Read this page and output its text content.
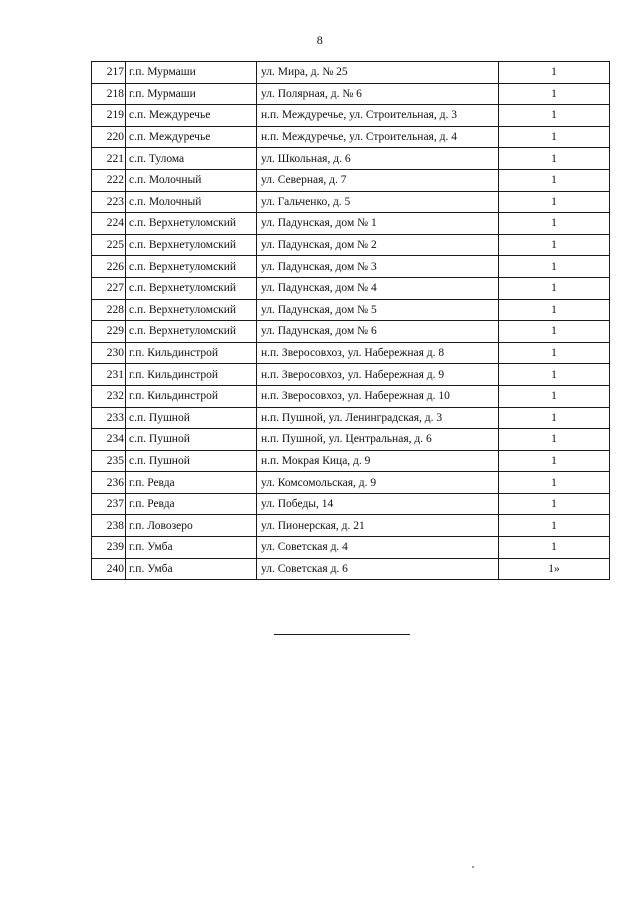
8
217	г.п. Мурмаши	ул. Мира, д. № 25	1
218	г.п. Мурмаши	ул. Полярная, д. № 6	1
219	с.п. Междуречье	н.п. Междуречье, ул. Строительная, д. 3	1
220	с.п. Междуречье	н.п. Междуречье, ул. Строительная, д. 4	1
221	с.п. Тулома	ул. Школьная, д. 6	1
222	с.п. Молочный	ул. Северная, д. 7	1
223	с.п. Молочный	ул. Гальченко, д. 5	1
224	с.п. Верхнетуломский	ул. Падунская, дом № 1	1
225	с.п. Верхнетуломский	ул. Падунская, дом № 2	1
226	с.п. Верхнетуломский	ул. Падунская, дом № 3	1
227	с.п. Верхнетуломский	ул. Падунская, дом № 4	1
228	с.п. Верхнетуломский	ул. Падунская, дом № 5	1
229	с.п. Верхнетуломский	ул. Падунская, дом № 6	1
230	г.п. Кильдинстрой	н.п. Зверосовхоз, ул. Набережная д. 8	1
231	г.п. Кильдинстрой	н.п. Зверосовхоз, ул. Набережная д. 9	1
232	г.п. Кильдинстрой	н.п. Зверосовхоз, ул. Набережная д. 10	1
233	с.п. Пушной	н.п. Пушной, ул. Ленинградская, д. 3	1
234	с.п. Пушной	н.п. Пушной, ул. Центральная, д. 6	1
235	с.п. Пушной	н.п. Мокрая Кица, д. 9	1
236	г.п. Ревда	ул. Комсомольская, д. 9	1
237	г.п. Ревда	ул. Победы, 14	1
238	г.п. Ловозеро	ул. Пионерская, д. 21	1
239	г.п. Умба	ул. Советская д. 4	1
240	г.п. Умба	ул. Советская д. 6	1»
